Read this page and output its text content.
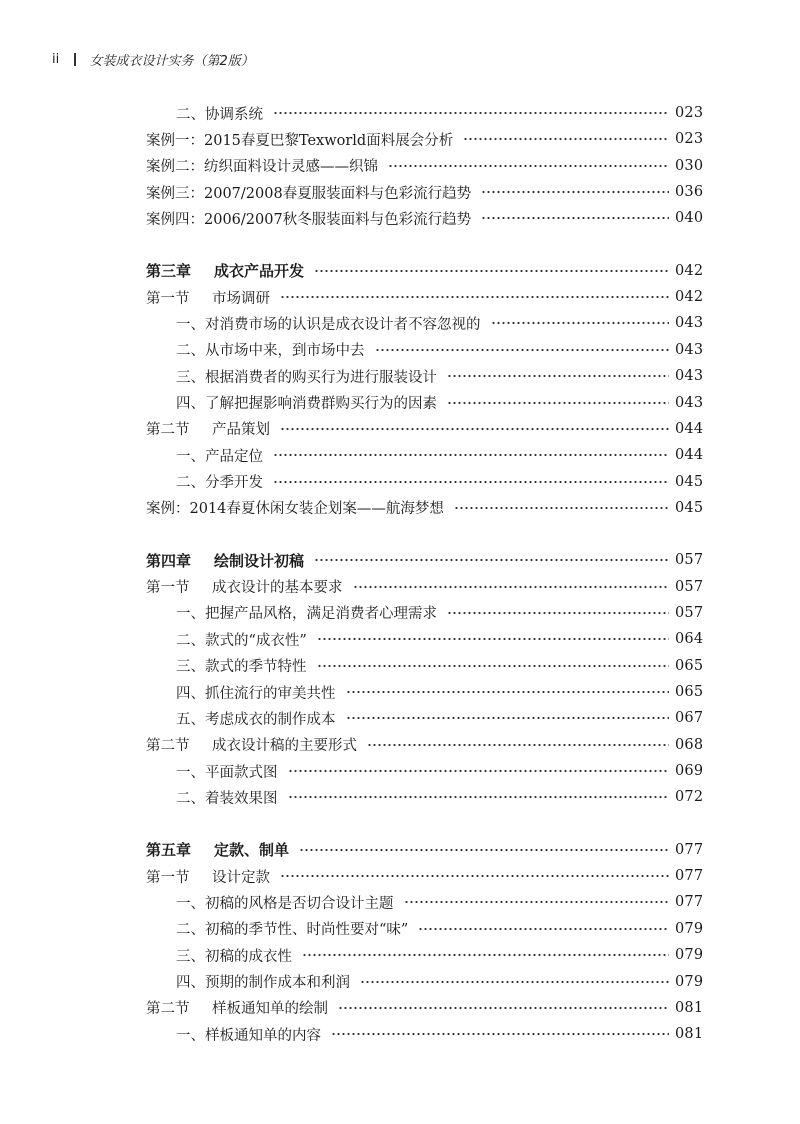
ii	女装成衣设计实务（第2版）
二、协调系统	023
案例一：2015春夏巴黎Texworld面料展会分析	023
案例二：纺织面料设计灵感——织锦	030
案例三：2007/2008春夏服装面料与色彩流行趋势	036
案例四：2006/2007秋冬服装面料与色彩流行趋势	040
第三章 成衣产品开发	042
第一节 市场调研	042
一、对消费市场的认识是成衣设计者不容忽视的	043
二、从市场中来，到市场中去	043
三、根据消费者的购买行为进行服装设计	043
四、了解把握影响消费群购买行为的因素	043
第二节 产品策划	044
一、产品定位	044
二、分季开发	045
案例：2014春夏休闲女装企划案——航海梦想	045
第四章 绘制设计初稿	057
第一节 成衣设计的基本要求	057
一、把握产品风格，满足消费者心理需求	057
二、款式的“成衣性”	064
三、款式的季节特性	065
四、抓住流行的审美共性	065
五、考虑成衣的制作成本	067
第二节 成衣设计稿的主要形式	068
一、平面款式图	069
二、着装效果图	072
第五章 定款、制单	077
第一节 设计定款	077
一、初稿的风格是否切合设计主题	077
二、初稿的季节性、时尚性要对“味”	079
三、初稿的成衣性	079
四、预期的制作成本和利润	079
第二节 样板通知单的绘制	081
一、样板通知单的内容	081
